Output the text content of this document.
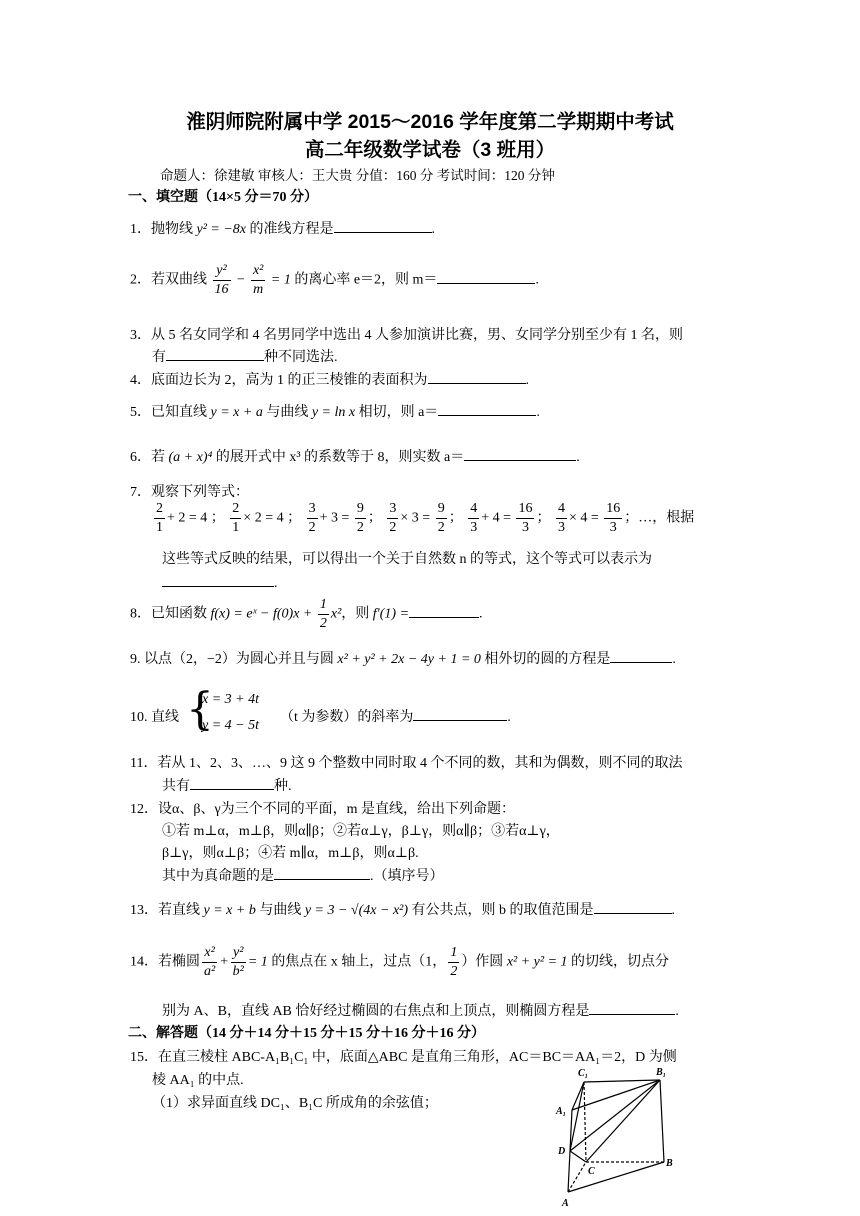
淮阴师院附属中学 2015～2016 学年度第二学期期中考试
高二年级数学试卷（3 班用）
命题人：徐建敏 审核人：王大贵 分值：160 分 考试时间：120 分钟
一、填空题（14×5 分＝70 分）
1．抛物线 y² = −8x 的准线方程是	.
2．若双曲线 $\frac{\text{y²}}{16} - \frac{\text{x²}}{m} = 1$ 的离心率 e＝2，则 m＝	.
3．从 5 名女同学和 4 名男同学中选出 4 人参加演讲比赛，男、女同学分别至少有 1 名，则
有	种不同选法.
4．底面边长为 2，高为 1 的正三棱锥的表面积为	.
5．已知直线 y = x + a 与曲线 y = ln x 相切，则 a＝	.
6．若 (a + x)⁴ 的展开式中 x³ 的系数等于 8，则实数 a＝	.
7．观察下列等式：
$\frac{2}{1} + 2 = 4$ ； $\frac{2}{1} \times 2 = 4$ ； $\frac{3}{2} + 3 = \frac{9}{2}$ ； $\frac{3}{2} \times 3 = \frac{9}{2}$ ； $\frac{4}{3} + 4 = \frac{16}{3}$ ； $\frac{4}{3} \times 4 = \frac{16}{3}$ ；…，根据
这些等式反映的结果，可以得出一个关于自然数 n 的等式，这个等式可以表示为
.
8．已知函数 f(x) = eˣ − $f(0)x + \frac{1}{2} x^2$，则 f′(1) =	.
9. 以点（2，−2）为圆心并且与圆 x² + y² + 2x − 4y + 1 = 0 相外切的圆的方程是	.
10. 直线 {
x = 3 + 4t
y = 4 − 5t
（t 为参数）的斜率为	.
11．若从 1、2、3、…、9 这 9 个整数中同时取 4 个不同的数，其和为偶数，则不同的取法
共有	种.
12．设α、β、γ为三个不同的平面，m 是直线，给出下列命题：
①若 m⊥α，m⊥β，则α∥β；②若α⊥γ，β⊥γ，则α∥β；③若α⊥γ，
β⊥γ，则α⊥β；④若 m∥α，m⊥β，则α⊥β.
其中为真命题的是	.（填序号）
13．若直线 y = x + b 与曲线 y = 3 − √(4x − x²) 有公共点，则 b 的取值范围是	.
14．若椭圆 $\frac{\text{x²}}{\text{a²}} + \frac{\text{y²}}{\text{b²}} = 1$ 的焦点在 x 轴上，过点（1， $\frac{1}{2}$ ）作圆 x² + y² = 1 的切线，切点分
别为 A、B，直线 AB 恰好经过椭圆的右焦点和上顶点，则椭圆方程是	.
二、解答题（14 分＋14 分＋15 分＋15 分＋16 分＋16 分）
15．在直三棱柱 ABC-A₁B₁C₁ 中，底面△ABC 是直角三角形，AC＝BC＝AA₁＝2，D 为侧
棱 AA₁ 的中点.
（1）求异面直线 DC₁、B₁C 所成角的余弦值；
C₁	B₁
A₁
D
C
B
A
